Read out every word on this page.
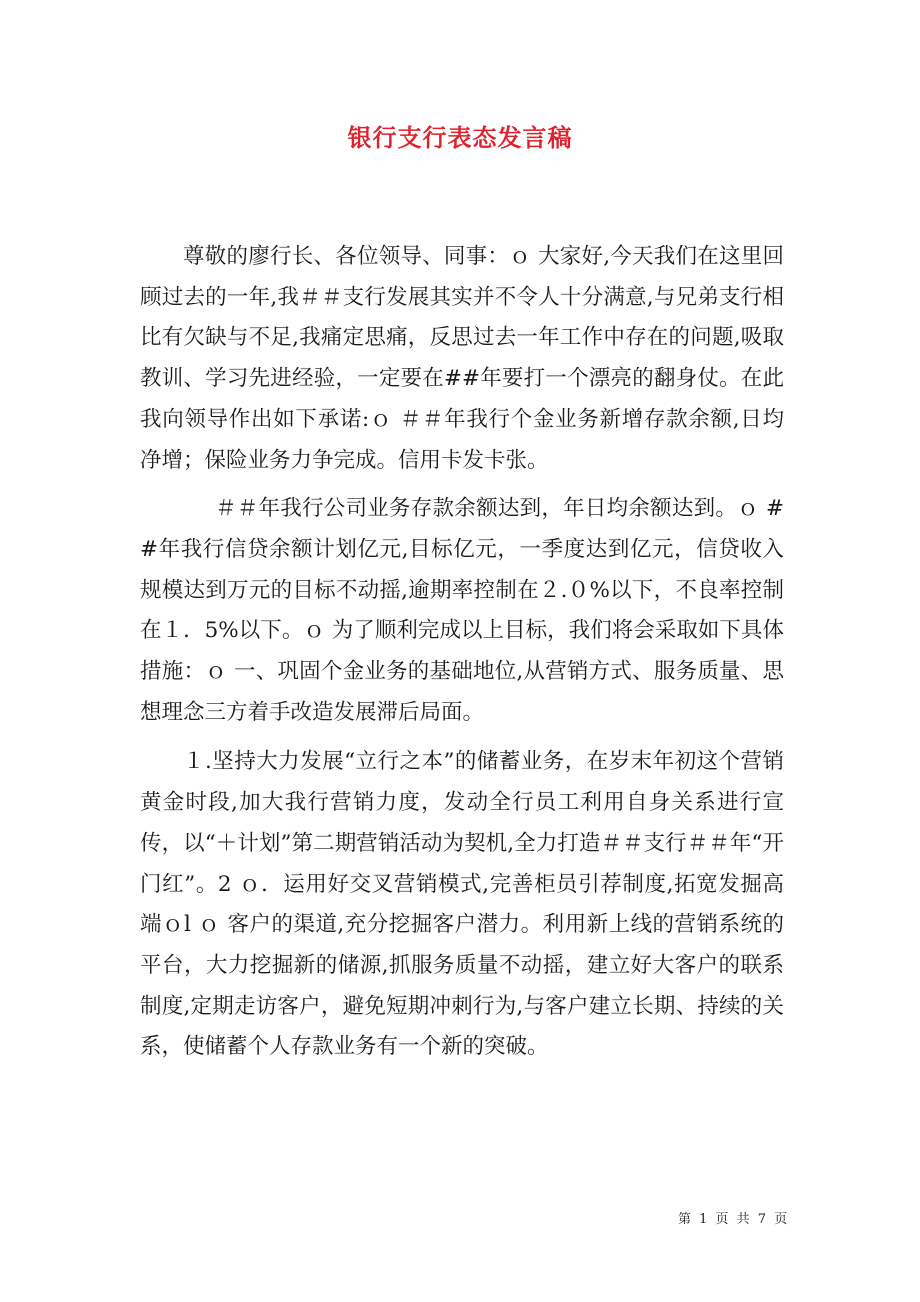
银行支行表态发言稿

尊敬的廖行长、各位领导、同事：ｏ 大家好,今天我们在这里回顾过去的一年,我＃＃支行发展其实并不令人十分满意,与兄弟支行相比有欠缺与不足,我痛定思痛，反思过去一年工作中存在的问题,吸取教训、学习先进经验，一定要在##年要打一个漂亮的翻身仗。在此我向领导作出如下承诺:ｏ ＃＃年我行个金业务新增存款余额,日均净增；保险业务力争完成。信用卡发卡张。

＃＃年我行公司业务存款余额达到，年日均余额达到。ｏ ##年我行信贷余额计划亿元,目标亿元，一季度达到亿元，信贷收入规模达到万元的目标不动摇,逾期率控制在２.０%以下，不良率控制在１．5%以下。ｏ 为了顺利完成以上目标，我们将会采取如下具体措施：ｏ 一、巩固个金业务的基础地位,从营销方式、服务质量、思想理念三方着手改造发展滞后局面。

１.坚持大力发展“立行之本”的储蓄业务，在岁末年初这个营销黄金时段,加大我行营销力度，发动全行员工利用自身关系进行宣传，以“＋计划”第二期营销活动为契机,全力打造＃＃支行＃＃年“开门红”。2 ｏ．运用好交叉营销模式,完善柜员引荐制度,拓宽发掘高端ｏl ｏ 客户的渠道,充分挖掘客户潜力。利用新上线的营销系统的平台，大力挖掘新的储源,抓服务质量不动摇，建立好大客户的联系制度,定期走访客户，避免短期冲刺行为,与客户建立长期、持续的关系，使储蓄个人存款业务有一个新的突破。

第 1 页 共 7 页
